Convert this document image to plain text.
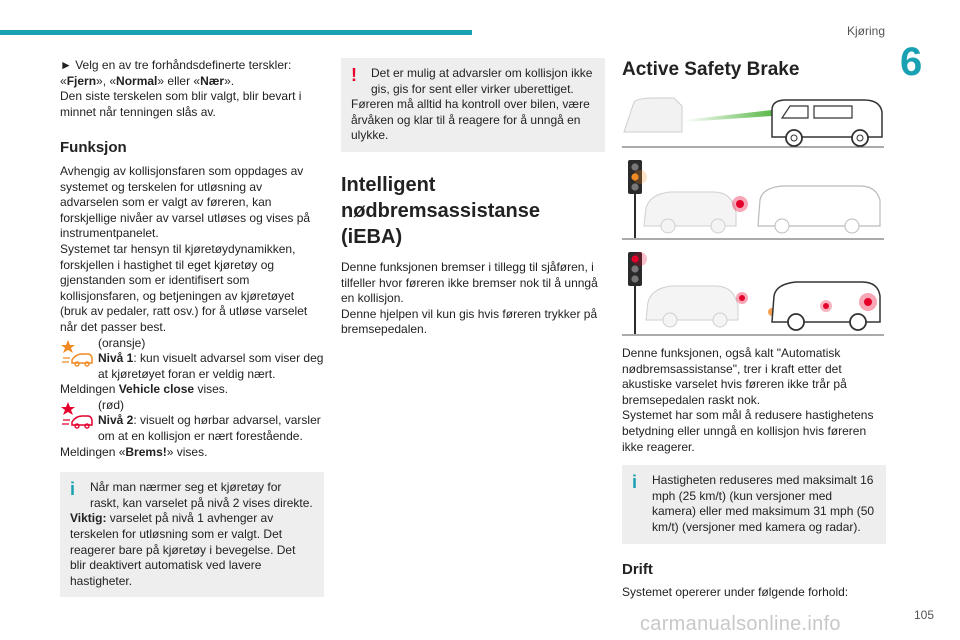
Kjøring
6

► Velg en av tre forhåndsdefinerte terskler: «Fjern», «Normal» eller «Nær».

Den siste terskelen som blir valgt, blir bevart i minnet når tenningen slås av.

Funksjon

Avhengig av kollisjonsfaren som oppdages av systemet og terskelen for utløsning av advarselen som er valgt av føreren, kan forskjellige nivåer av varsel utløses og vises på instrumentpanelet.

Systemet tar hensyn til kjøretøydynamikken, forskjellen i hastighet til eget kjøretøy og gjenstanden som er identifisert som kollisjonsfaren, og betjeningen av kjøretøyet (bruk av pedaler, ratt osv.) for å utløse varselet når det passer best.

(oransje)

Nivå 1: kun visuelt advarsel som viser deg at kjøretøyet foran er veldig nært.

Meldingen Vehicle close vises.

(rød)

Nivå 2: visuelt og hørbar advarsel, varsler om at en kollisjon er nært forestående.

Meldingen «Brems!» vises.

i	Når man nærmer seg et kjøretøy for raskt, kan varselet på nivå 2 vises direkte.

Viktig: varselet på nivå 1 avhenger av terskelen for utløsning som er valgt. Det reagerer bare på kjøretøy i bevegelse. Det blir deaktivert automatisk ved lavere hastigheter.

!	Det er mulig at advarsler om kollisjon ikke gis, gis for sent eller virker uberettiget.

Føreren må alltid ha kontroll over bilen, være årvåken og klar til å reagere for å unngå en ulykke.

Intelligent nødbremsassistanse (iEBA)

Denne funksjonen bremser i tillegg til sjåføren, i tilfeller hvor føreren ikke bremser nok til å unngå en kollisjon.

Denne hjelpen vil kun gis hvis føreren trykker på bremsepedalen.

Active Safety Brake

Denne funksjonen, også kalt "Automatisk nødbremsassistanse", trer i kraft etter det akustiske varselet hvis føreren ikke trår på bremsepedalen raskt nok.

Systemet har som mål å redusere hastighetens betydning eller unngå en kollisjon hvis føreren ikke reagerer.

i	Hastigheten reduseres med maksimalt 16 mph (25 km/t) (kun versjoner med kamera) eller med maksimum 31 mph (50 km/t) (versjoner med kamera og radar).

Drift

Systemet opererer under følgende forhold:

carmanualsonline.info	105
